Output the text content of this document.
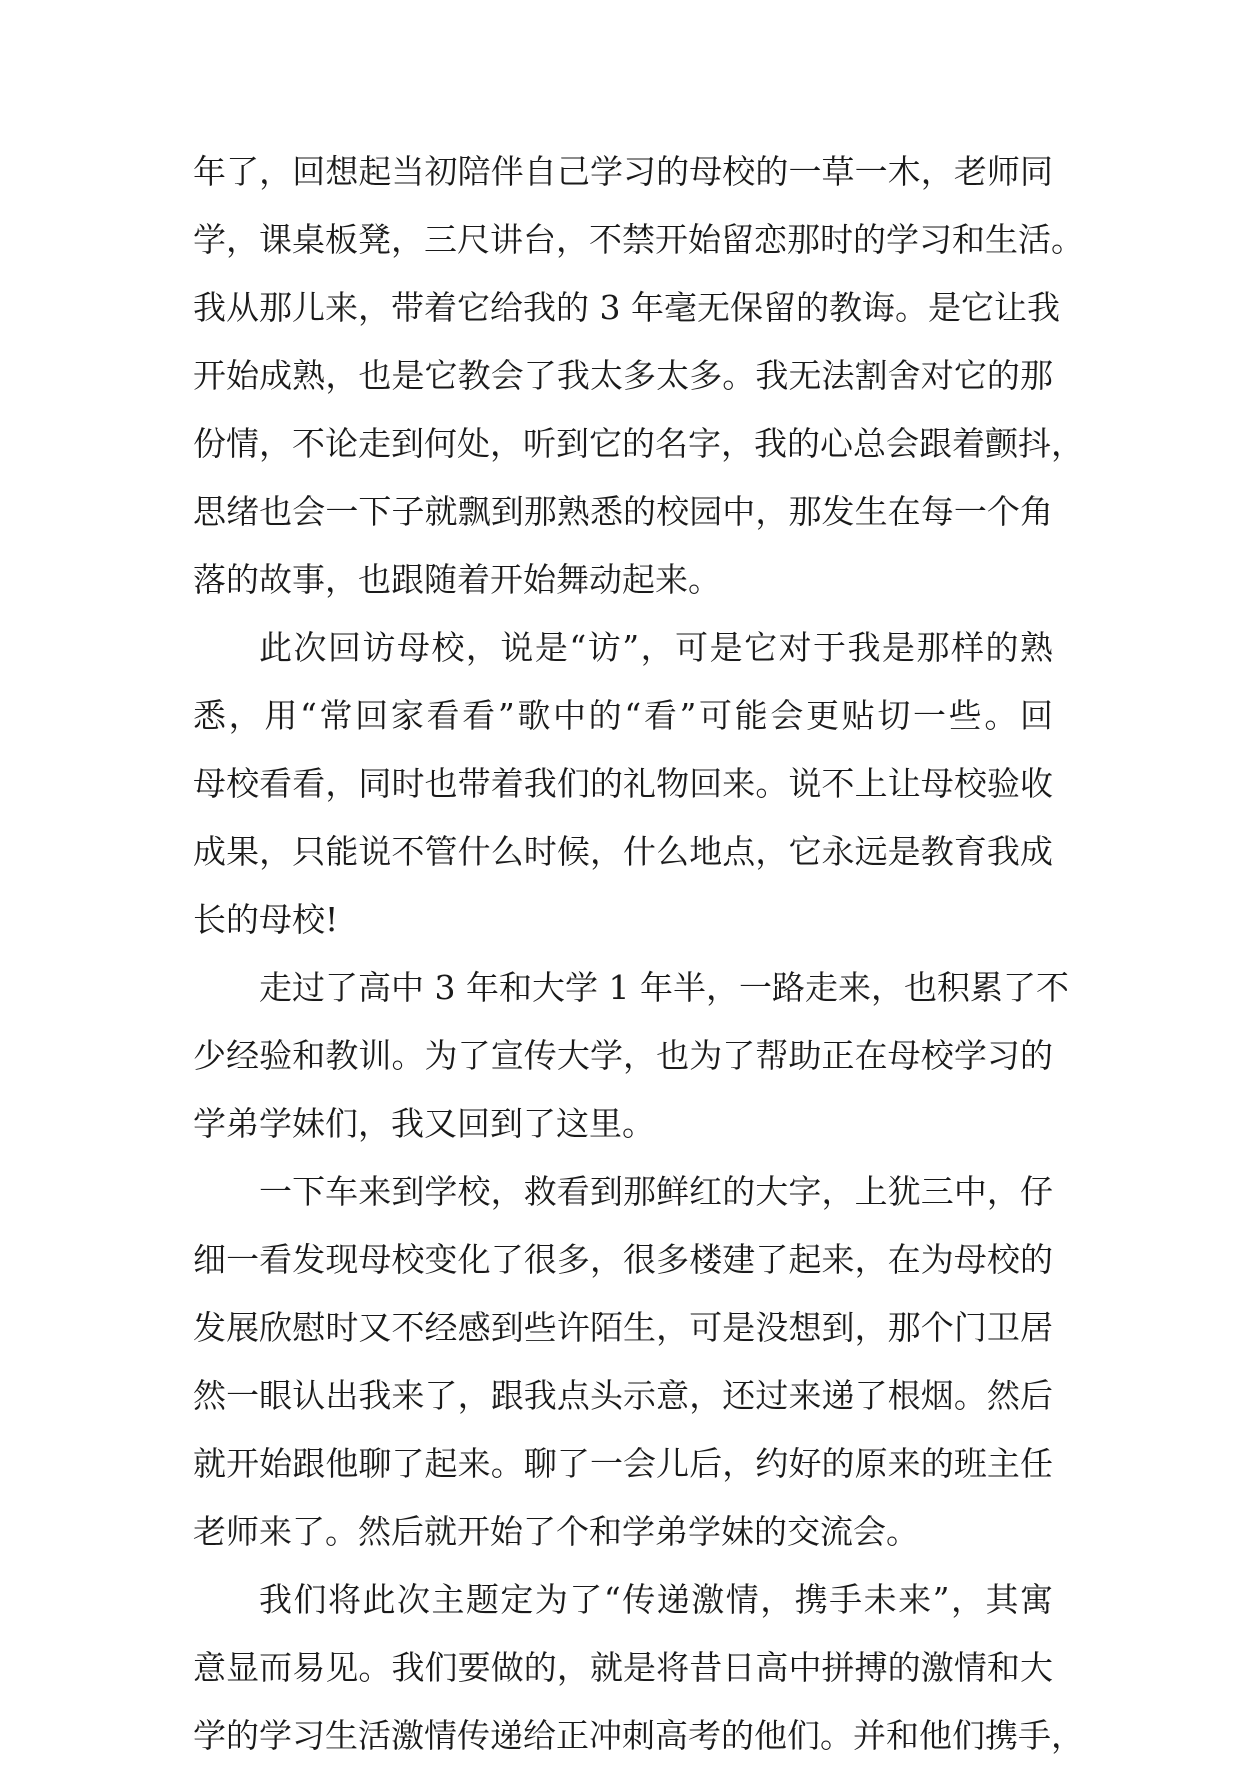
年了，回想起当初陪伴自己学习的母校的一草一木，老师同
学，课桌板凳，三尺讲台，不禁开始留恋那时的学习和生活。
我从那儿来，带着它给我的 3 年毫无保留的教诲。是它让我
开始成熟，也是它教会了我太多太多。我无法割舍对它的那
份情，不论走到何处，听到它的名字，我的心总会跟着颤抖，
思绪也会一下子就飘到那熟悉的校园中，那发生在每一个角
落的故事，也跟随着开始舞动起来。
此次回访母校，说是“访”，可是它对于我是那样的熟
悉，用“常回家看看”歌中的“看”可能会更贴切一些。回
母校看看，同时也带着我们的礼物回来。说不上让母校验收
成果，只能说不管什么时候，什么地点，它永远是教育我成
长的母校!
走过了高中 3 年和大学 1 年半，一路走来，也积累了不
少经验和教训。为了宣传大学，也为了帮助正在母校学习的
学弟学妹们，我又回到了这里。
一下车来到学校，救看到那鲜红的大字，上犹三中，仔
细一看发现母校变化了很多，很多楼建了起来，在为母校的
发展欣慰时又不经感到些许陌生，可是没想到，那个门卫居
然一眼认出我来了，跟我点头示意，还过来递了根烟。然后
就开始跟他聊了起来。聊了一会儿后，约好的原来的班主任
老师来了。然后就开始了个和学弟学妹的交流会。
我们将此次主题定为了“传递激情，携手未来”，其寓
意显而易见。我们要做的，就是将昔日高中拼搏的激情和大
学的学习生活激情传递给正冲刺高考的他们。并和他们携手，
